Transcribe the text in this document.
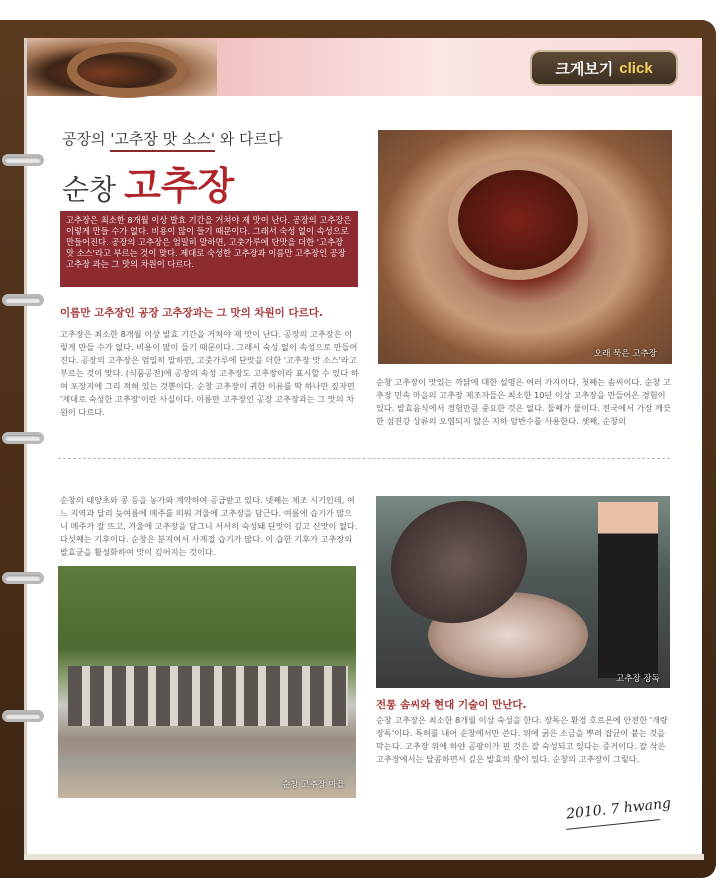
크게보기 click
공장의 '고추장 맛 소스' 와 다르다
순창 고추장
고추장은 최소한 8개월 이상 발효 기간을 거쳐야 제 맛이 난다. 공장의 고추장은 이렇게 만들 수가 없다. 비용이 많이 들기 때문이다. 그래서 숙성 없이 속성으로 만들어진다. 공장의 고추장은 엄밀히 말하면, 고춧가루에 단맛을 더한 '고추장 맛 소스'라고 부르는 것이 맞다. 제대로 숙성한 고추장과 이름만 고추장인 공장 고추장 과는 그 맛의 차원이 다르다.
이름만 고추장인 공장 고추장과는 그 맛의 차원이 다르다.
고추장은 최소한 8개월 이상 발효 기간을 거쳐야 제 맛이 난다. 공장의 고추장은 이렇게 만들 수가 없다. 비용이 많이 들기 때문이다. 그래서 숙성 없이 속성으로 만들어진다. 공장의 고추장은 엄밀히 말하면, 고춧가루에 단맛을 더한 '고추장 맛 소스'라고 부르는 것이 맞다. (식품공전)에 공장의 속성 고추장도 고추장이라 표시할 수 있다 하여 포장지에 그리 적혀 있는 것뿐이다. 순창 고추장이 귀한 이유를 딱 하나만 짚자면 '제대로 숙성한 고추장'이란 사실이다. 이름만 고추장인 공장 고추장과는 그 맛의 차원이 다르다.
오래 묵은 고추장
순창 고추장이 맛있는 까닭에 대한 설명은 여러 가지이다. 첫째는 솜씨이다. 순창 고추장 민속 마을의 고추장 제조자들은 최소한 10년 이상 고추장을 만들어온 경험이 있다. 발효음식에서 경험만큼 중요한 것은 없다. 둘째가 물이다. 전국에서 가장 깨끗한 섬진강 상류의 오염되지 않은 지하 암반수를 사용한다. 셋째, 순창의
순창의 태양초와 콩 등을 농가와 계약하여 공급받고 있다. 넷째는 제조 시기인데, 여느 지역과 달리 늦여름에 메주를 띄워 겨울에 고추장을 담근다. 여름에 습기가 많으니 메주가 잘 뜨고, 겨울에 고추장을 담그니 서서히 숙성돼 단맛이 깊고 신맛이 없다. 다섯째는 기후이다. 순창은 분지여서 사계절 습기가 많다. 이 습한 기후가 고추장의 발효균을 활성화하여 맛이 깊어지는 것이다.
순창 고추장 마을
고추장 장독
전통 솜씨와 현대 기술이 만난다.
순창 고추장은 최소한 8개월 이상 숙성을 한다. 장독은 환경 호르몬에 안전한 '개량 장독'이다. 특허를 내어 순창에서만 쓴다. 위에 굵은 소금을 뿌려 잡균이 붙는 것을 막는다. 고추장 위에 하얀 곰팡이가 핀 것은 잘 숙성되고 있다는 증거이다. 잘 삭은 고추장에서는 달콤하면서 깊은 발효의 향이 있다. 순창의 고추장이 그렇다.
2010. 7 hwang
